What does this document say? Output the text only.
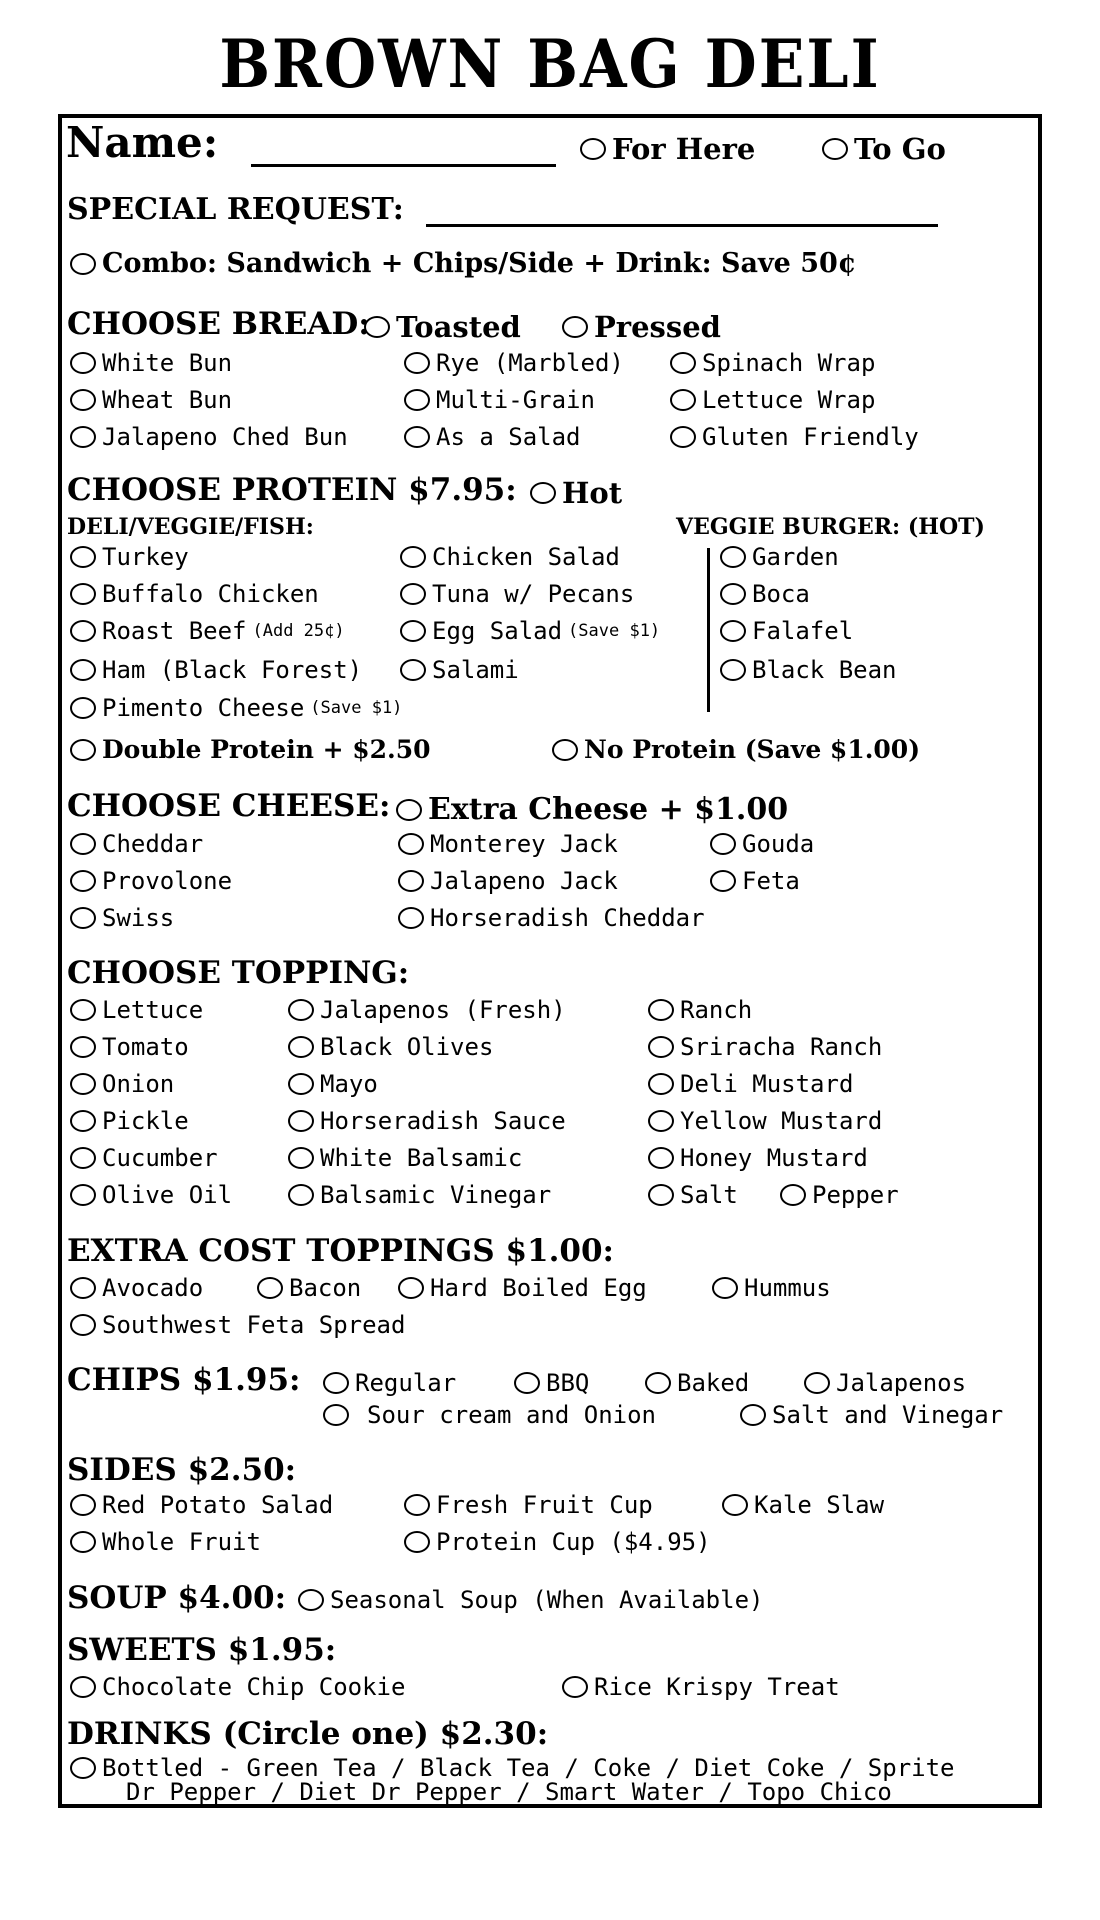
BROWN BAG DELI
Name:	For Here	To Go
SPECIAL REQUEST:
Combo: Sandwich + Chips/Side + Drink: Save 50¢
CHOOSE BREAD: Toasted	Pressed
White Bun	Rye (Marbled)	Spinach Wrap
Wheat Bun	Multi-Grain	Lettuce Wrap
Jalapeno Ched Bun	As a Salad	Gluten Friendly
CHOOSE PROTEIN $7.95: Hot
DELI/VEGGIE/FISH:	VEGGIE BURGER: (HOT)
Turkey	Chicken Salad	Garden
Buffalo Chicken	Tuna w/ Pecans	Boca
Roast Beef (Add 25¢)	Egg Salad (Save $1)	Falafel
Ham (Black Forest)	Salami	Black Bean
Pimento Cheese (Save $1)
Double Protein + $2.50	No Protein (Save $1.00)
CHOOSE CHEESE: Extra Cheese + $1.00
Cheddar	Monterey Jack	Gouda
Provolone	Jalapeno Jack	Feta
Swiss	Horseradish Cheddar
CHOOSE TOPPING:
Lettuce	Jalapenos (Fresh)	Ranch
Tomato	Black Olives	Sriracha Ranch
Onion	Mayo	Deli Mustard
Pickle	Horseradish Sauce	Yellow Mustard
Cucumber	White Balsamic	Honey Mustard
Olive Oil	Balsamic Vinegar	Salt	Pepper
EXTRA COST TOPPINGS $1.00:
Avocado	Bacon	Hard Boiled Egg	Hummus
Southwest Feta Spread
CHIPS $1.95: Regular	BBQ	Baked	Jalapenos
Sour cream and Onion	Salt and Vinegar
SIDES $2.50:
Red Potato Salad	Fresh Fruit Cup	Kale Slaw
Whole Fruit	Protein Cup ($4.95)
SOUP $4.00: Seasonal Soup (When Available)
SWEETS $1.95:
Chocolate Chip Cookie	Rice Krispy Treat
DRINKS (Circle one) $2.30:
Bottled - Green Tea / Black Tea / Coke / Diet Coke / Sprite
Dr Pepper / Diet Dr Pepper / Smart Water / Topo Chico
